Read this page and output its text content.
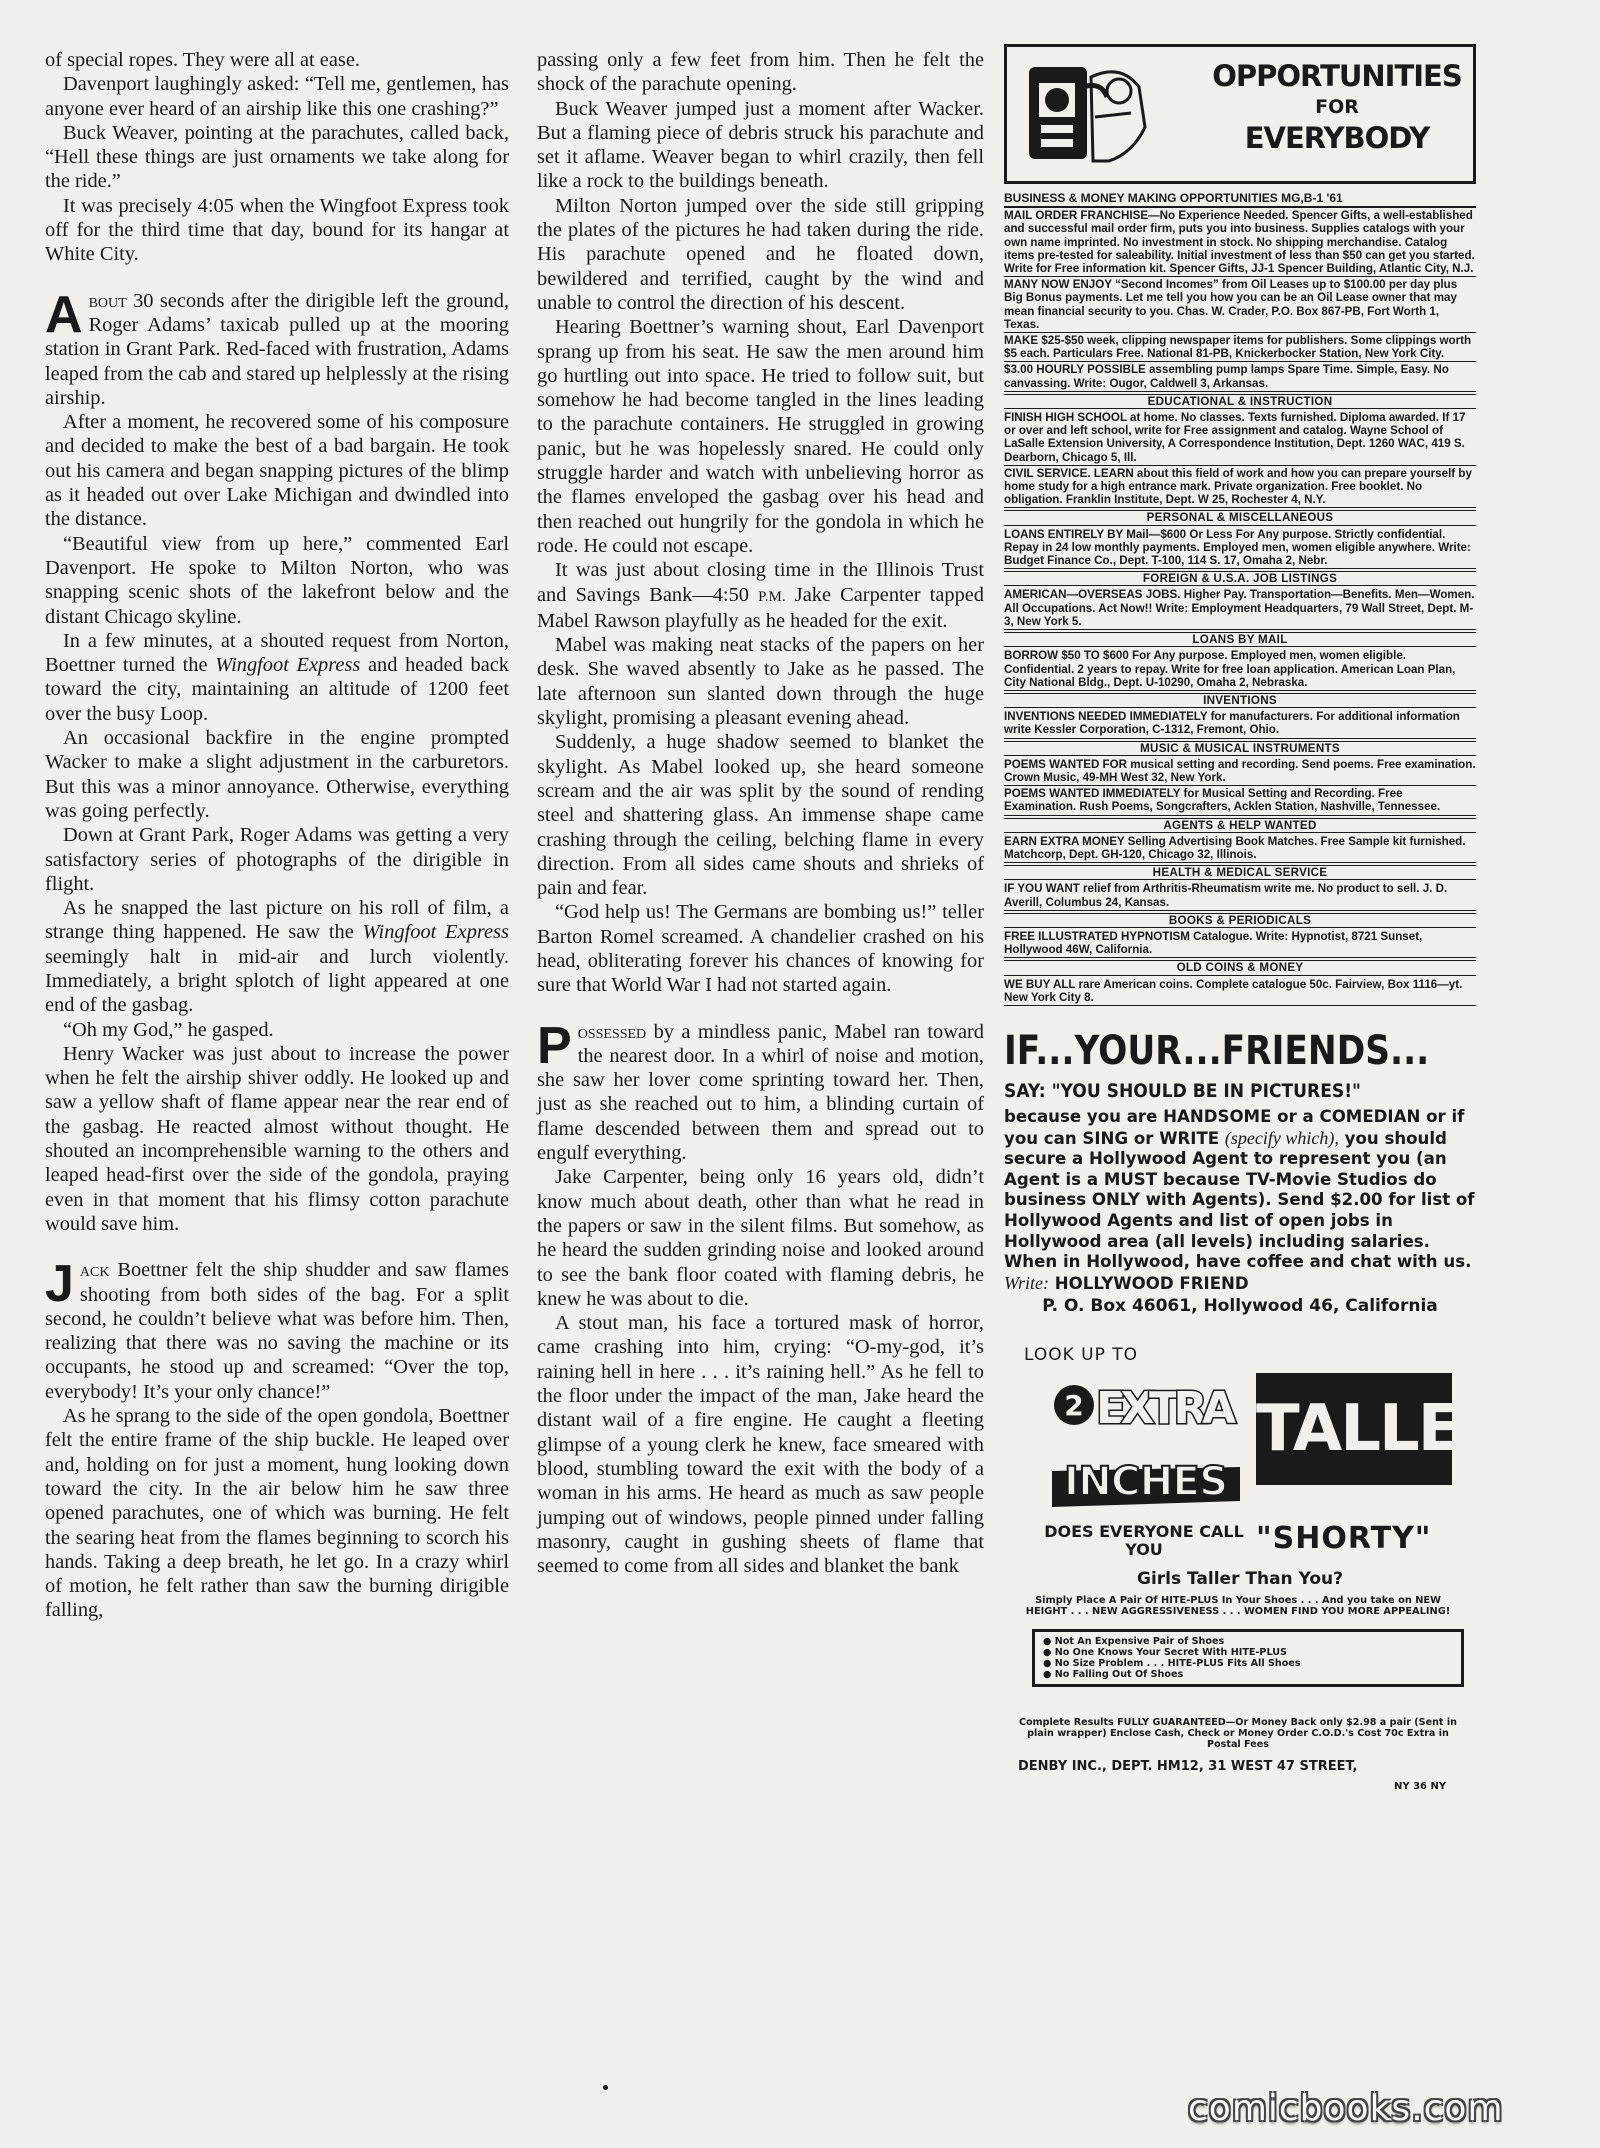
of special ropes. They were all at ease.

Davenport laughingly asked: “Tell me, gentlemen, has anyone ever heard of an airship like this one crashing?”

Buck Weaver, pointing at the parachutes, called back, “Hell these things are just ornaments we take along for the ride.”

It was precisely 4:05 when the Wingfoot Express took off for the third time that day, bound for its hangar at White City.

About 30 seconds after the dirigible left the ground, Roger Adams’ taxicab pulled up at the mooring station in Grant Park. Red-faced with frustration, Adams leaped from the cab and stared up helplessly at the rising airship.

After a moment, he recovered some of his composure and decided to make the best of a bad bargain. He took out his camera and began snapping pictures of the blimp as it headed out over Lake Michigan and dwindled into the distance.

“Beautiful view from up here,” commented Earl Davenport. He spoke to Milton Norton, who was snapping scenic shots of the lakefront below and the distant Chicago skyline.

In a few minutes, at a shouted request from Norton, Boettner turned the Wingfoot Express and headed back toward the city, maintaining an altitude of 1200 feet over the busy Loop.

An occasional backfire in the engine prompted Wacker to make a slight adjustment in the carburetors. But this was a minor annoyance. Otherwise, everything was going perfectly.

Down at Grant Park, Roger Adams was getting a very satisfactory series of photographs of the dirigible in flight.

As he snapped the last picture on his roll of film, a strange thing happened. He saw the Wingfoot Express seemingly halt in mid-air and lurch violently. Immediately, a bright splotch of light appeared at one end of the gasbag.

“Oh my God,” he gasped.

Henry Wacker was just about to increase the power when he felt the airship shiver oddly. He looked up and saw a yellow shaft of flame appear near the rear end of the gasbag. He reacted almost without thought. He shouted an incomprehensible warning to the others and leaped head-first over the side of the gondola, praying even in that moment that his flimsy cotton parachute would save him.

Jack Boettner felt the ship shudder and saw flames shooting from both sides of the bag. For a split second, he couldn’t believe what was before him. Then, realizing that there was no saving the machine or its occupants, he stood up and screamed: “Over the top, everybody! It’s your only chance!”

As he sprang to the side of the open gondola, Boettner felt the entire frame of the ship buckle. He leaped over and, holding on for just a moment, hung looking down toward the city. In the air below him he saw three opened parachutes, one of which was burning. He felt the searing heat from the flames beginning to scorch his hands. Taking a deep breath, he let go. In a crazy whirl of motion, he felt rather than saw the burning dirigible falling,

passing only a few feet from him. Then he felt the shock of the parachute opening.

Buck Weaver jumped just a moment after Wacker. But a flaming piece of debris struck his parachute and set it aflame. Weaver began to whirl crazily, then fell like a rock to the buildings beneath.

Milton Norton jumped over the side still gripping the plates of the pictures he had taken during the ride. His parachute opened and he floated down, bewildered and terrified, caught by the wind and unable to control the direction of his descent.

Hearing Boettner’s warning shout, Earl Davenport sprang up from his seat. He saw the men around him go hurtling out into space. He tried to follow suit, but somehow he had become tangled in the lines leading to the parachute containers. He struggled in growing panic, but he was hopelessly snared. He could only struggle harder and watch with unbelieving horror as the flames enveloped the gasbag over his head and then reached out hungrily for the gondola in which he rode. He could not escape.

It was just about closing time in the Illinois Trust and Savings Bank—4:50 P.M. Jake Carpenter tapped Mabel Rawson playfully as he headed for the exit.

Mabel was making neat stacks of the papers on her desk. She waved absently to Jake as he passed. The late afternoon sun slanted down through the huge skylight, promising a pleasant evening ahead.

Suddenly, a huge shadow seemed to blanket the skylight. As Mabel looked up, she heard someone scream and the air was split by the sound of rending steel and shattering glass. An immense shape came crashing through the ceiling, belching flame in every direction. From all sides came shouts and shrieks of pain and fear.

“God help us! The Germans are bombing us!” teller Barton Romel screamed. A chandelier crashed on his head, obliterating forever his chances of knowing for sure that World War I had not started again.

Possessed by a mindless panic, Mabel ran toward the nearest door. In a whirl of noise and motion, she saw her lover come sprinting toward her. Then, just as she reached out to him, a blinding curtain of flame descended between them and spread out to engulf everything.

Jake Carpenter, being only 16 years old, didn’t know much about death, other than what he read in the papers or saw in the silent films. But somehow, as he heard the sudden grinding noise and looked around to see the bank floor coated with flaming debris, he knew he was about to die.

A stout man, his face a tortured mask of horror, came crashing into him, crying: “O-my-god, it’s raining hell in here . . . it’s raining hell.” As he fell to the floor under the impact of the man, Jake heard the distant wail of a fire engine. He caught a fleeting glimpse of a young clerk he knew, face smeared with blood, stumbling toward the exit with the body of a woman in his arms. He heard as much as saw people jumping out of windows, people pinned under falling masonry, caught in gushing sheets of flame that seemed to come from all sides and blanket the bank

OPPORTUNITIES
FOR
EVERYBODY
BUSINESS & MONEY MAKING OPPORTUNITIES MG,B-1 '61
MAIL ORDER FRANCHISE—No Experience Needed. Spencer Gifts, a well-established and successful mail order firm, puts you into business. Supplies catalogs with your own name imprinted. No investment in stock. No shipping merchandise. Catalog items pre-tested for saleability. Initial investment of less than $50 can get you started. Write for Free information kit. Spencer Gifts, JJ-1 Spencer Building, Atlantic City, N.J.
MANY NOW ENJOY “Second Incomes” from Oil Leases up to $100.00 per day plus Big Bonus payments. Let me tell you how you can be an Oil Lease owner that may mean financial security to you. Chas. W. Crader, P.O. Box 867-PB, Fort Worth 1, Texas.
MAKE $25-$50 week, clipping newspaper items for publishers. Some clippings worth $5 each. Particulars Free. National 81-PB, Knickerbocker Station, New York City.
$3.00 HOURLY POSSIBLE assembling pump lamps Spare Time. Simple, Easy. No canvassing. Write: Ougor, Caldwell 3, Arkansas.
EDUCATIONAL & INSTRUCTION
FINISH HIGH SCHOOL at home. No classes. Texts furnished. Diploma awarded. If 17 or over and left school, write for Free assignment and catalog. Wayne School of LaSalle Extension University, A Correspondence Institution, Dept. 1260 WAC, 419 S. Dearborn, Chicago 5, Ill.
CIVIL SERVICE. LEARN about this field of work and how you can prepare yourself by home study for a high entrance mark. Private organization. Free booklet. No obligation. Franklin Institute, Dept. W 25, Rochester 4, N.Y.
PERSONAL & MISCELLANEOUS
LOANS ENTIRELY BY Mail—$600 Or Less For Any purpose. Strictly confidential. Repay in 24 low monthly payments. Employed men, women eligible anywhere. Write: Budget Finance Co., Dept. T-100, 114 S. 17, Omaha 2, Nebr.
FOREIGN & U.S.A. JOB LISTINGS
AMERICAN—OVERSEAS JOBS. Higher Pay. Transportation—Benefits. Men—Women. All Occupations. Act Now!! Write: Employment Headquarters, 79 Wall Street, Dept. M-3, New York 5.
LOANS BY MAIL
BORROW $50 TO $600 For Any purpose. Employed men, women eligible. Confidential. 2 years to repay. Write for free loan application. American Loan Plan, City National Bldg., Dept. U-10290, Omaha 2, Nebraska.
INVENTIONS
INVENTIONS NEEDED IMMEDIATELY for manufacturers. For additional information write Kessler Corporation, C-1312, Fremont, Ohio.
MUSIC & MUSICAL INSTRUMENTS
POEMS WANTED FOR musical setting and recording. Send poems. Free examination. Crown Music, 49-MH West 32, New York.
POEMS WANTED IMMEDIATELY for Musical Setting and Recording. Free Examination. Rush Poems, Songcrafters, Acklen Station, Nashville, Tennessee.
AGENTS & HELP WANTED
EARN EXTRA MONEY Selling Advertising Book Matches. Free Sample kit furnished. Matchcorp, Dept. GH-120, Chicago 32, Illinois.
HEALTH & MEDICAL SERVICE
IF YOU WANT relief from Arthritis-Rheumatism write me. No product to sell. J. D. Averill, Columbus 24, Kansas.
BOOKS & PERIODICALS
FREE ILLUSTRATED HYPNOTISM Catalogue. Write: Hypnotist, 8721 Sunset, Hollywood 46W, California.
OLD COINS & MONEY
WE BUY ALL rare American coins. Complete catalogue 50c. Fairview, Box 1116—yt. New York City 8.
IF...YOUR...FRIENDS...
SAY: "YOU SHOULD BE IN PICTURES!"
because you are HANDSOME or a COMEDIAN or if you can SING or WRITE (specify which), you should secure a Hollywood Agent to represent you (an Agent is a MUST because TV-Movie Studios do business ONLY with Agents). Send $2.00 for list of Hollywood Agents and list of open jobs in Hollywood area (all levels) including salaries. When in Hollywood, have coffee and chat with us. Write: HOLLYWOOD FRIEND
P. O. Box 46061, Hollywood 46, California
LOOK UP TO
2 EXTRA
INCHES
TALLER
DOES EVERYONE CALL YOU	"SHORTY"
Girls Taller Than You?
Simply Place A Pair Of HITE-PLUS In Your Shoes . . . And you take on NEW HEIGHT . . . NEW AGGRESSIVENESS . . . WOMEN FIND YOU MORE APPEALING!
● Not An Expensive Pair of Shoes
● No One Knows Your Secret With HITE-PLUS
● No Size Problem . . . HITE-PLUS Fits All Shoes
● No Falling Out Of Shoes
Complete Results FULLY GUARANTEED—Or Money Back only $2.98 a pair (Sent in plain wrapper) Enclose Cash, Check or Money Order C.O.D.'s Cost 70c Extra in Postal Fees
DENBY INC., DEPT. HM12, 31 WEST 47 STREET,
NY 36 NY
comicbooks.com
